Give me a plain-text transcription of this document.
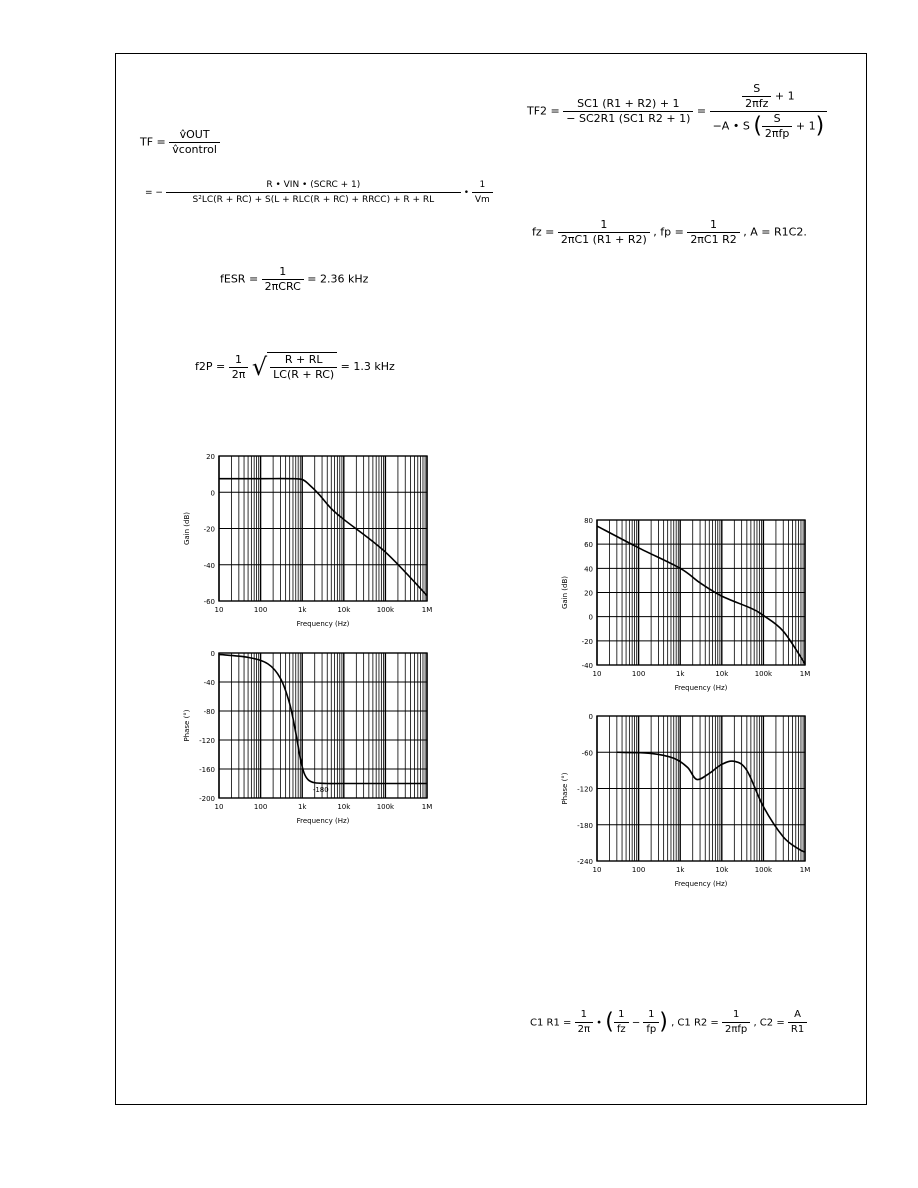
TF = $\frac{\text{v̂OUT}}{\text{v̂control}}$
= − $\frac{\text{R • VIN • (SCRC + 1)}}{\text{S²LC(R + RC) + S(L + RLC(R + RC) + RRCC) + R + RL}}$ • $\frac{1}{Vm}$
fESR = $\frac{1}{\text{2πCRC}} = 2.36$ kHz
$f2P = \frac{1}{2\pi}$ √ $\frac{R + RL}{LC(R + RC)} = 1.3$ kHz
$TF2 = \frac{SC1 (R1 + R2) + 1}{- SC2R1 (SC1 R2 + 1)} = \frac{\frac{S}{\text{2πfz}} + 1}{-A • S ( \frac{S}{\text{2πfp}} + 1)}$
fz = $\frac{1}{2\pi C1 (R1 + R2)}$ , fp = $\frac{1}{2\pi C1 R2}$ , A = R1C2.
C1 $R1 = \frac{1}{2\pi}$ • ( $\frac{1}{fz} - \frac{1}{fp}$ ) , C1 $R2 = \frac{1}{\text{2πfp}}$ , $C2 = \frac{A}{R1}$
20
0
-20
-40
-60
10	100	1k	10k	100k	1M
Frequency (Hz)
Gain (dB)
0
-40
-80
-120
-160
-200
10	100	1k	10k	100k	1M
Frequency (Hz)
Phase (°)
-180
80
60
40
20
0
-20
-40
10	100	1k	10k	100k	1M
Frequency (Hz)
Gain (dB)
0
-60
-120
-180
-240
10	100	1k	10k	100k	1M
Frequency (Hz)
Phase (°)
